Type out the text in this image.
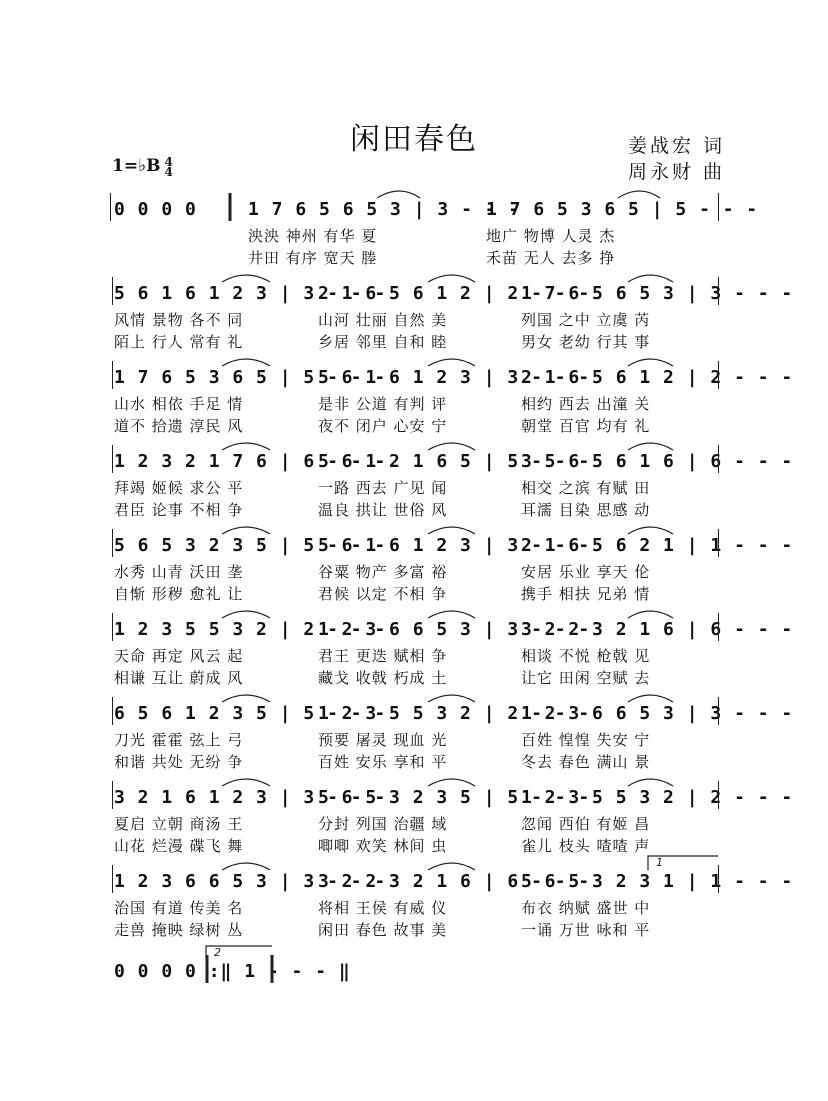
闲田春色	姜战宏 词
周永财 曲
1=♭B 4
4
0 0 0 0	1 7 6 5 6 5 3 | 3 - - -
1 7 6 5 3 6 5 | 5 - - -
泱泱 神州 有华 夏	地广 物博 人灵 杰
井田 有序 宽天 塍	禾苗 无人 去多 挣
5 6 1 6 1 2 3 | 3 - - -
2 1 6 5 6 1 2 | 2 - - -
1 7 6 5 6 5 3 | 3 - - -
风情 景物 各不 同	山河 壮丽 自然 美	列国 之中 立虞 芮
陌上 行人 常有 礼	乡居 邻里 自和 睦	男女 老幼 行其 事
1 7 6 5 3 6 5 | 5 - - -
5 6 1 6 1 2 3 | 3 - - -
2 1 6 5 6 1 2 | 2 - - -
山水 相依 手足 情	是非 公道 有判 评	相约 西去 出潼 关
道不 拾遗 淳民 风	夜不 闭户 心安 宁	朝堂 百官 均有 礼
1 2 3 2 1 7 6 | 6 - - -
5 6 1 2 1 6 5 | 5 - - -
3 5 6 5 6 1 6 | 6 - - -
拜竭 姬候 求公 平	一路 西去 广见 闻	相交 之滨 有赋 田
君臣 论事 不相 争	温良 拱让 世俗 风	耳濡 目染 思感 动
5 6 5 3 2 3 5 | 5 - - -
5 6 1 6 1 2 3 | 3 - - -
2 1 6 5 6 2 1 | 1 - - -
水秀 山青 沃田 垄	谷粟 物产 多富 裕	安居 乐业 享天 伦
自惭 形秽 愈礼 让	君候 以定 不相 争	携手 相扶 兄弟 情
1 2 3 5 5 3 2 | 2 - - -
1 2 3 6 6 5 3 | 3 - - -
3 2 2 3 2 1 6 | 6 - - -
天命 再定 风云 起	君王 更迭 赋相 争	相谈 不悦 枪戟 见
相谦 互让 蔚成 风	藏戈 收戟 朽成 土	让它 田闲 空赋 去
6 5 6 1 2 3 5 | 5 - - -
1 2 3 5 5 3 2 | 2 - - -
1 2 3 6 6 5 3 | 3 - - -
刀光 霍霍 弦上 弓	预要 屠灵 现血 光	百姓 惶惶 失安 宁
和谐 共处 无纷 争	百姓 安乐 享和 平	冬去 春色 满山 景
3 2 1 6 1 2 3 | 3 - - -
5 6 5 3 2 3 5 | 5 - - -
1 2 3 5 5 3 2 | 2 - - -
夏启 立朝 商汤 王	分封 列国 治疆 域	忽闻 西伯 有姬 昌
山花 烂漫 碟飞 舞	唧唧 欢笑 林间 虫	雀儿 枝头 喳喳 声
1 2 3 6 6 5 3 | 3 - - -
3 2 2 3 2 1 6 | 6 - - -
5 6 5 3 2 3 1 | 1 - - -
治国 有道 传美 名	将相 王侯 有威 仪	布衣 纳赋 盛世 中
走兽 掩映 绿树 丛	闲田 春色 故事 美	一诵 万世 咏和 平
0 0 0 0 :‖ 1 - - - ‖
1
2
